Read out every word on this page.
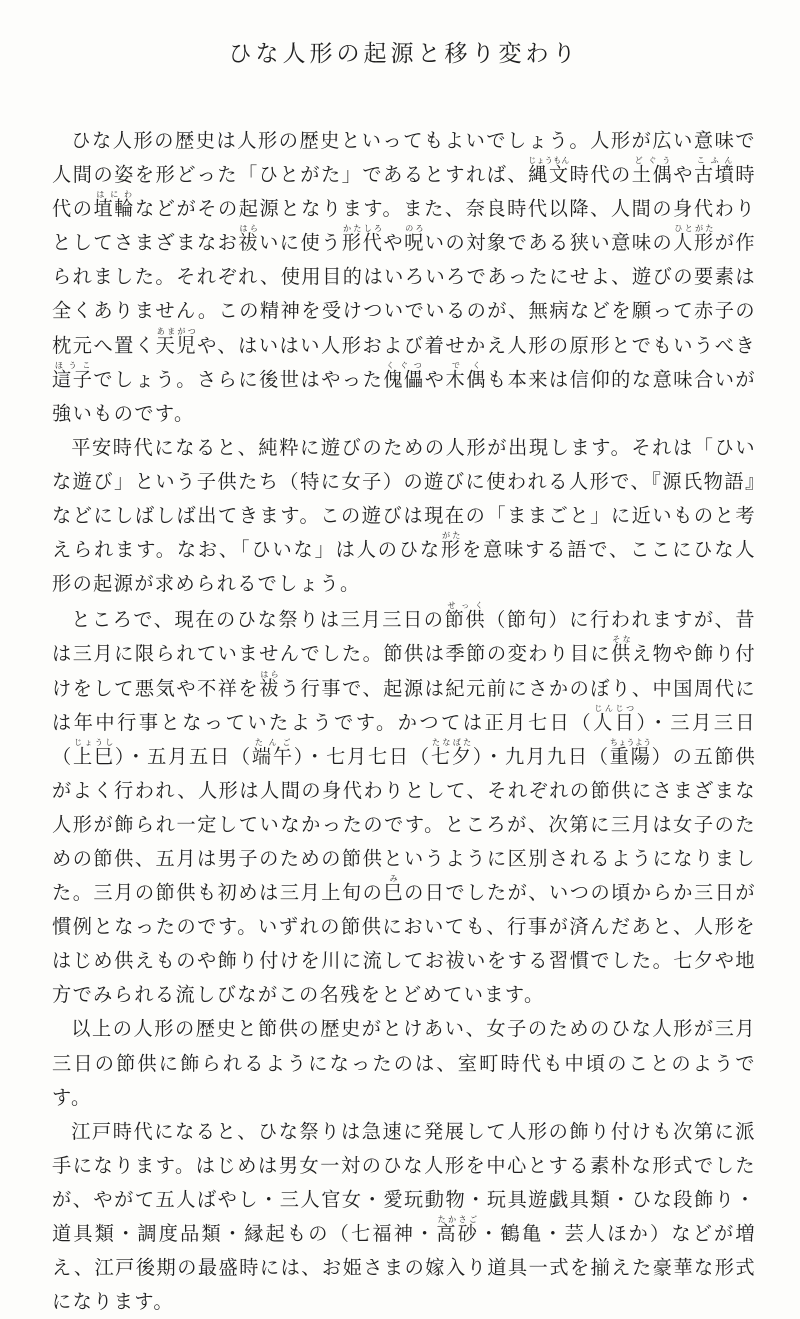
ひな人形の起源と移り変わり

ひな人形の歴史は人形の歴史といってもよいでしょう。人形が広い意味で人間の姿を形どった「ひとがた」であるとすれば、縄文じょうもん時代の土偶どぐうや古墳こふん時代の埴輪はにわなどがその起源となります。また、奈良時代以降、人間の身代わりとしてさまざまなお祓はらいに使う形代かたしろや呪のろいの対象である狭い意味の人形ひとがたが作られました。それぞれ、使用目的はいろいろであったにせよ、遊びの要素は全くありません。この精神を受けついでいるのが、無病などを願って赤子の枕元へ置く天児あまがつや、はいはい人形および着せかえ人形の原形とでもいうべき這子ほうこでしょう。さらに後世はやった傀儡くぐつや木偶でくも本来は信仰的な意味合いが強いものです。

平安時代になると、純粋に遊びのための人形が出現します。それは「ひいな遊び」という子供たち（特に女子）の遊びに使われる人形で、『源氏物語』などにしばしば出てきます。この遊びは現在の「ままごと」に近いものと考えられます。なお、「ひいな」は人のひな形がたを意味する語で、ここにひな人形の起源が求められるでしょう。

ところで、現在のひな祭りは三月三日の節供せっく（節句）に行われますが、昔は三月に限られていませんでした。節供は季節の変わり目に供そなえ物や飾り付けをして悪気や不祥を祓はらう行事で、起源は紀元前にさかのぼり、中国周代には年中行事となっていたようです。かつては正月七日（人日じんじつ）・三月三日（上巳じょうし）・五月五日（端午たんご）・七月七日（七夕たなばた）・九月九日（重陽ちょうよう）の五節供がよく行われ、人形は人間の身代わりとして、それぞれの節供にさまざまな人形が飾られ一定していなかったのです。ところが、次第に三月は女子のための節供、五月は男子のための節供というように区別されるようになりました。三月の節供も初めは三月上旬の巳みの日でしたが、いつの頃からか三日が慣例となったのです。いずれの節供においても、行事が済んだあと、人形をはじめ供えものや飾り付けを川に流してお祓いをする習慣でした。七夕や地方でみられる流しびながこの名残をとどめています。

以上の人形の歴史と節供の歴史がとけあい、女子のためのひな人形が三月三日の節供に飾られるようになったのは、室町時代も中頃のことのようです。

江戸時代になると、ひな祭りは急速に発展して人形の飾り付けも次第に派手になります。はじめは男女一対のひな人形を中心とする素朴な形式でしたが、やがて五人ばやし・三人官女・愛玩動物・玩具遊戯具類・ひな段飾り・道具類・調度品類・縁起もの（七福神・高砂たかさご・鶴亀・芸人ほか）などが増え、江戸後期の最盛時には、お姫さまの嫁入り道具一式を揃えた豪華な形式になります。
